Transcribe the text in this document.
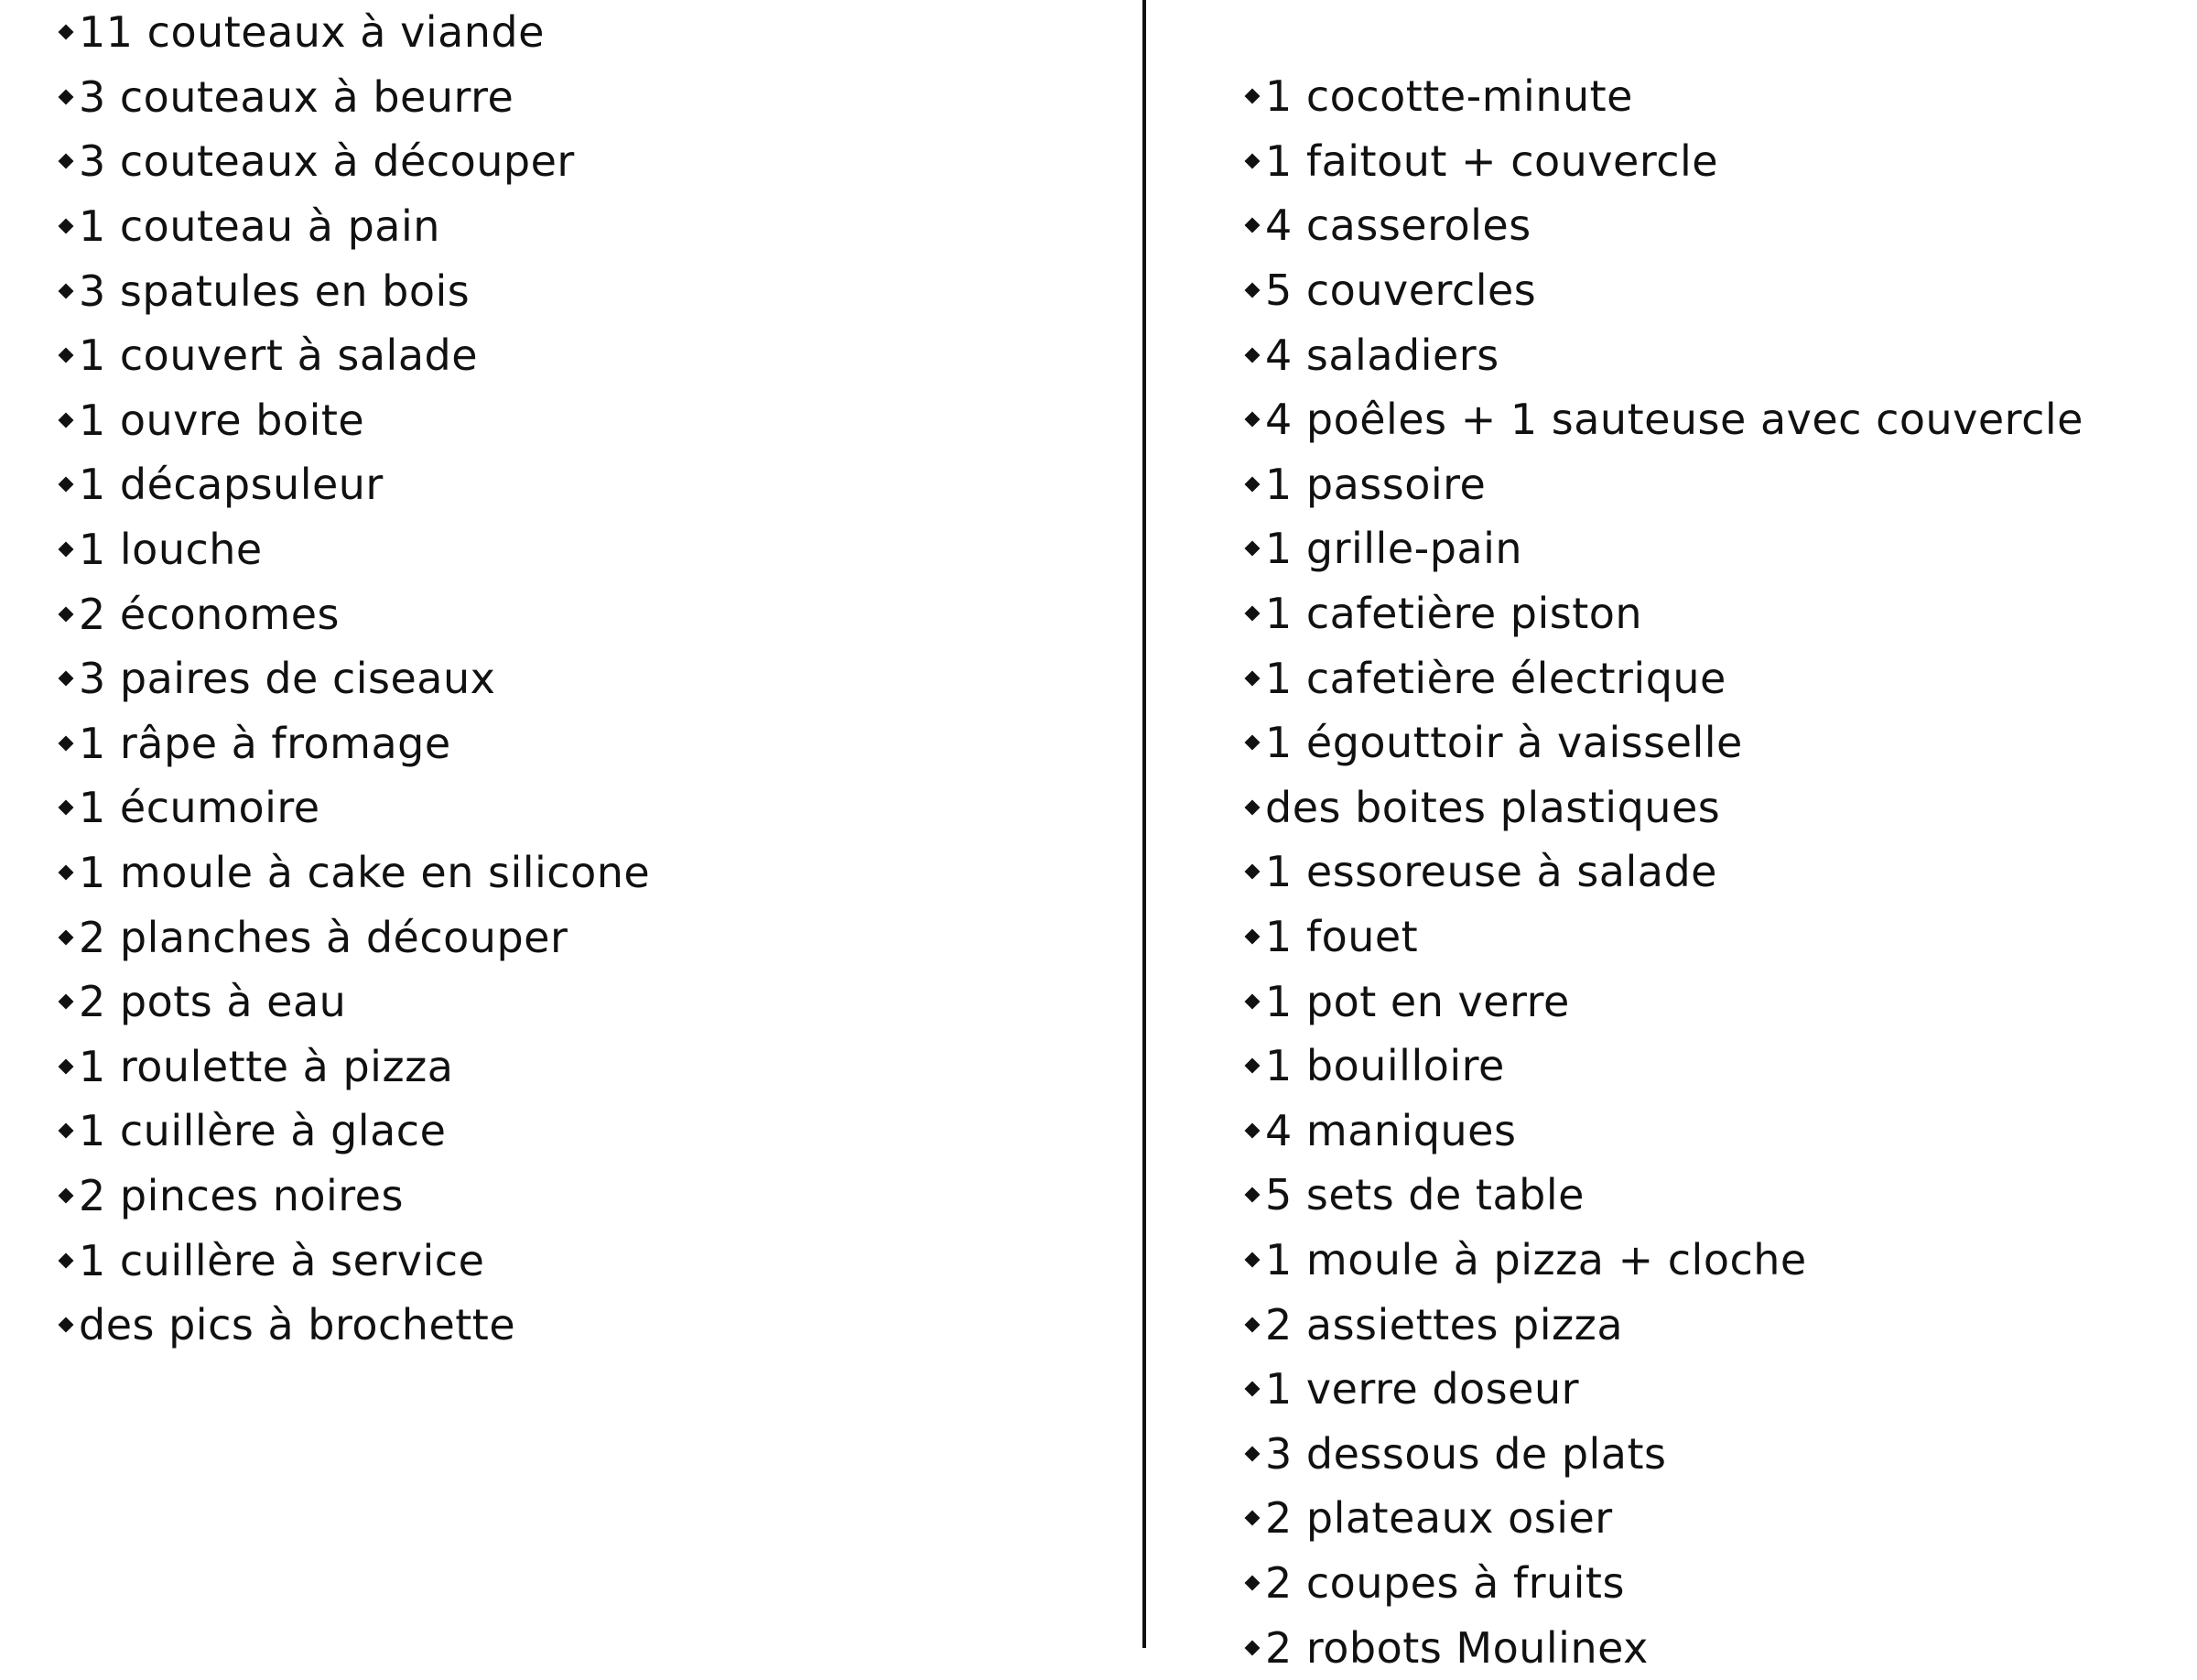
11 couteaux à viande
3 couteaux à beurre
3 couteaux à découper
1 couteau à pain
3 spatules en bois
1 couvert à salade
1 ouvre boite
1 décapsuleur
1 louche
2 économes
3 paires de ciseaux
1 râpe à fromage
1 écumoire
1 moule à cake en silicone
2 planches à découper
2 pots à eau
1 roulette à pizza
1 cuillère à glace
2 pinces noires
1 cuillère à service
des pics à brochette
1 cocotte-minute
1 faitout + couvercle
4 casseroles
5 couvercles
4 saladiers
4 poêles + 1 sauteuse avec couvercle
1 passoire
1 grille-pain
1 cafetière piston
1 cafetière électrique
1 égouttoir à vaisselle
des boites plastiques
1 essoreuse à salade
1 fouet
1 pot en verre
1 bouilloire
4 maniques
5 sets de table
1 moule à pizza + cloche
2 assiettes pizza
1 verre doseur
3 dessous de plats
2 plateaux osier
2 coupes à fruits
2 robots Moulinex
